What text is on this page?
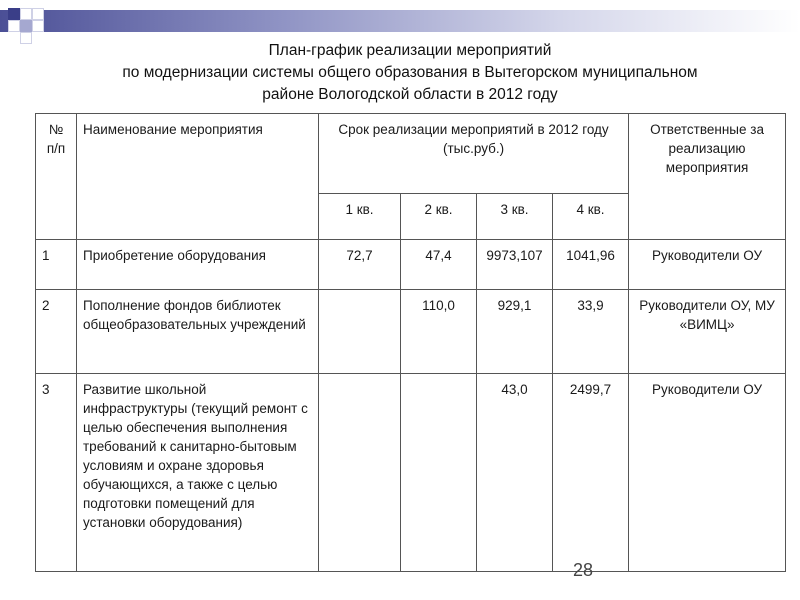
План-график реализации мероприятий
по модернизации системы общего образования в Вытегорском муниципальном
районе Вологодской области в 2012 году
№ п/п	Наименование мероприятия	Срок реализации мероприятий в 2012 году (тыс.руб.)				Ответственные за реализацию мероприятия
		1 кв.	2 кв.	3 кв.	4 кв.	
1	Приобретение оборудования	72,7	47,4	9973,107	1041,96	Руководители ОУ
2	Пополнение фондов библиотек общеобразовательных учреждений		110,0	929,1	33,9	Руководители ОУ, МУ «ВИМЦ»
3	Развитие школьной инфраструктуры (текущий ремонт с целью обеспечения выполнения требований к санитарно-бытовым условиям и охране здоровья обучающихся, а также с целью подготовки помещений для установки оборудования)			43,0	2499,7	Руководители ОУ
28
